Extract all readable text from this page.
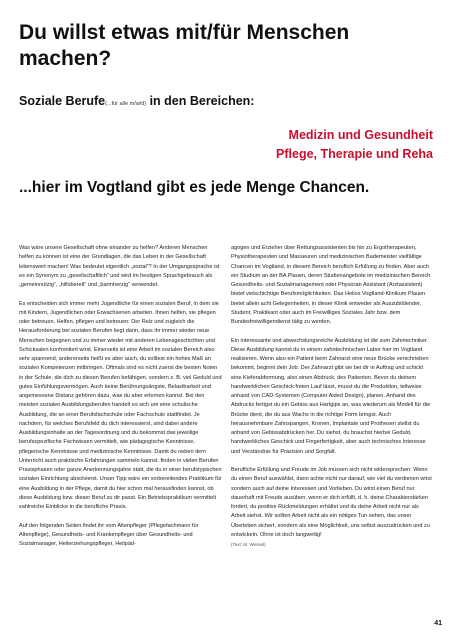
Du willst etwas mit/für Menschen machen?
Soziale Berufe(...für alle m/w/d) in den Bereichen:
Medizin und Gesundheit
Pflege, Therapie und Reha
...hier im Vogtland gibt es jede Menge Chancen.

Was wäre unsere Gesellschaft ohne einander zu helfen? Anderen Menschen helfen zu können ist eine der Grundlagen, die das Leben in der Gesellschaft lebenswert machen! Was bedeutet eigentlich „sozial“? In der Umgangssprache ist es ein Synonym zu „gesellschaftlich“ und wird im heutigen Sprachgebrauch als „gemeinnützig“, „hilfsbereit“ und „barmherzig“ verwendet.

Es entscheiden sich immer mehr Jugendliche für einen sozialen Beruf, in dem sie mit Kindern, Jugendlichen oder Erwachsenen arbeiten. Ihnen helfen, sie pflegen oder betreuen. Helfen, pflegen und betreuen: Der Reiz und zugleich die Herausforderung bei sozialen Berufen liegt darin, dass ihr immer wieder neue Menschen begegnen und zu immer wieder mit anderen Lebensgeschichten und Schicksalen konfrontiert wirst. Einerseits ist eine Arbeit im sozialen Bereich also sehr spannend, andererseits heißt es aber auch, du solltest ein hohes Maß an sozialen Kompetenzen mitbringen. Oftmals sind es nicht zuerst die besten Noten in der Schule, die dich zu diesen Berufen befähigen, sondern z. B. viel Geduld und gutes Einfühlungsvermögen. Auch keine Berührungsängste, Belastbarkeit und angemessene Distanz gehören dazu, was du aber erlernen kannst. Bei den meisten sozialen Ausbildungsberufen handelt es sich um eine schulische Ausbildung, die an einer Berufsfachschule oder Fachschule stattfindet. Je nachdem, für welches Berufsfeld du dich interessierst, sind dabei andere Ausbildungsinhalte an der Tagesordnung und du bekommst das jeweilige berufsspezifische Fachwissen vermittelt, wie pädagogische Kenntnisse, pflegerische Kenntnisse und medizinische Kenntnisse. Damit du neben dem Unterricht auch praktische Erfahrungen sammeln kannst, finden in vielen Berufen Praxisphasen oder ganze Anerkennungsjahre statt, die du in einer berufstypischen sozialen Einrichtung absolvierst. Unser Tipp wäre ein vorbereitendes Praktikum für eine Ausbildung in der Pflege, damit du hier schon mal herausfinden kannst, ob diese Ausbildung bzw. dieser Beruf zu dir passt. Ein Betriebspraktikum vermittelt zahlreiche Einblicke in die berufliche Praxis.

Auf den folgenden Seiten findet ihr vom Altenpfleger (Pflegefachmann für Altenpflege), Gesundheits- und Krankenpfleger über Gesundheits- und Sozialmanager, Heilerziehungspfleger, Heilpäd-

agogen und Erzieher über Rettungsassistenten bis hin zu Ergotherapeuten, Physiotherapeuten und Masseuren und medizinischen Bademeister vielfältige Chancen im Vogtland, in diesem Bereich beruflich Erfüllung zu finden. Aber auch ein Studium an der BA Plauen, deren Studienangebote im medizinischen Bereich Gesundheits- und Sozialmanagement oder Physician Assistant (Arztassistent) bietet vielschichtige Berufsmöglichkeiten. Das Helios Vogtland-Klinikum Plauen bietet allein acht Gelegenheiten, in dieser Klinik entweder als Auszubildender, Student, Praktikant oder auch im Freiwilliges Soziales Jahr bzw. dem Bundesfreiwilligendienst tätig zu werden.

Ein interessante und abwechslungsreiche Ausbildung ist die zum Zahntechniker. Diese Ausbildung kannst du in einem zahntechnischen Labor hier im Vogtland realisieren. Wenn also ein Patient beim Zahnarzt eine neue Brücke verschrieben bekommt, beginnt dein Job. Der Zahnarzt gibt sie bei dir in Auftrag und schickt eine Kieferabformung, also einen Abdruck, des Patienten. Bevor du deinem handwerklichen Geschick freien Lauf lässt, musst du die Produktion, teilweise anhand von CAD-Systemen (Computer Aided Design), planen. Anhand des Abdrucks fertigst du ein Gebiss aus Hartgips an, was wiederum als Modell für die Brücke dient, die du aus Wachs in die richtige Form bringst. Auch herausnehmbare Zahnspangen, Kronen, Implantate und Prothesen stellst du anhand von Gebissabdrücken her. Du siehst, du brauchst hierbei Geduld, handwerkliches Geschick und Fingerfertigkeit, aber auch technisches Interesse und Verständnis für Präzision und Sorgfalt.

Berufliche Erfüllung und Freude im Job müssen sich nicht widersprechen: Wenn du einen Beruf auswählst, dann achte nicht nur darauf, wie viel du verdienen wirst sondern auch auf deine Interessen und Vorlieben. Du wirst einen Beruf nur dauerhaft mit Freude ausüben, wenn er dich erfüllt, d. h. deine Charakterstärken fordert, du positive Rückmeldungen erhältst und du deine Arbeit nicht nur als Arbeit siehst. Wir sollten Arbeit nicht als ein nötiges Tun sehen, das unser Überleben sichert, sondern als eine Möglichkeit, uns selbst auszudrücken und zu entwickeln. Ohne ist doch langweilig!
(Text: M. Wessel)

41
